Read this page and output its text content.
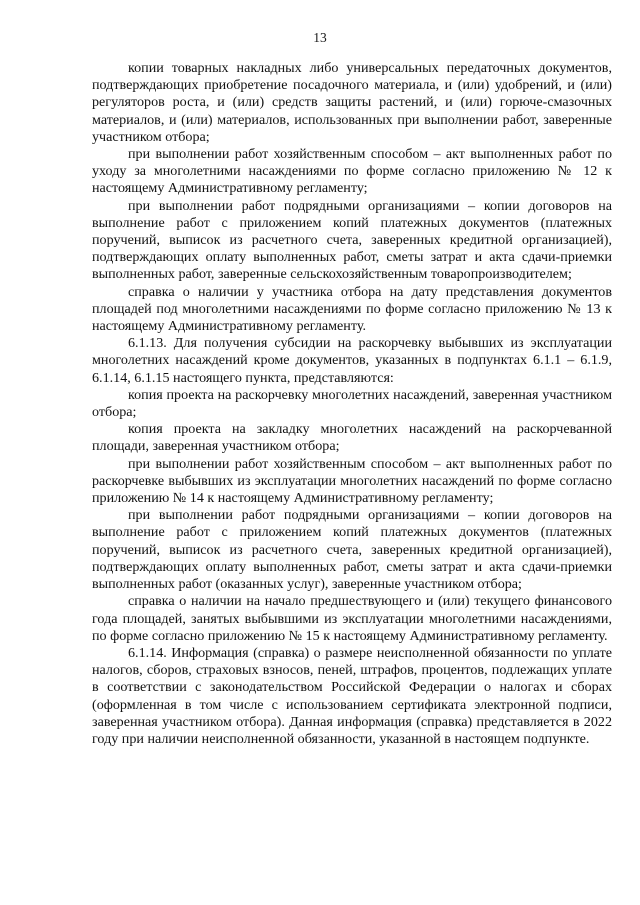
13

копии товарных накладных либо универсальных передаточных документов, подтверждающих приобретение посадочного материала, и (или) удобрений, и (или) регуляторов роста, и (или) средств защиты растений, и (или) горюче-смазочных материалов, и (или) материалов, использованных при выполнении работ, заверенные участником отбора;

при выполнении работ хозяйственным способом – акт выполненных работ по уходу за многолетними насаждениями по форме согласно приложению № 12 к настоящему Административному регламенту;

при выполнении работ подрядными организациями – копии договоров на выполнение работ с приложением копий платежных документов (платежных поручений, выписок из расчетного счета, заверенных кредитной организацией), подтверждающих оплату выполненных работ, сметы затрат и акта сдачи-приемки выполненных работ, заверенные сельскохозяйственным товаропроизводителем;

справка о наличии у участника отбора на дату представления документов площадей под многолетними насаждениями по форме согласно приложению № 13 к настоящему Административному регламенту.

6.1.13. Для получения субсидии на раскорчевку выбывших из эксплуатации многолетних насаждений кроме документов, указанных в подпунктах 6.1.1 – 6.1.9, 6.1.14, 6.1.15 настоящего пункта, представляются:

копия проекта на раскорчевку многолетних насаждений, заверенная участником отбора;

копия проекта на закладку многолетних насаждений на раскорчеванной площади, заверенная участником отбора;

при выполнении работ хозяйственным способом – акт выполненных работ по раскорчевке выбывших из эксплуатации многолетних насаждений по форме согласно приложению № 14 к настоящему Административному регламенту;

при выполнении работ подрядными организациями – копии договоров на выполнение работ с приложением копий платежных документов (платежных поручений, выписок из расчетного счета, заверенных кредитной организацией), подтверждающих оплату выполненных работ, сметы затрат и акта сдачи-приемки выполненных работ (оказанных услуг), заверенные участником отбора;

справка о наличии на начало предшествующего и (или) текущего финансового года площадей, занятых выбывшими из эксплуатации многолетними насаждениями, по форме согласно приложению № 15 к настоящему Административному регламенту.

6.1.14. Информация (справка) о размере неисполненной обязанности по уплате налогов, сборов, страховых взносов, пеней, штрафов, процентов, подлежащих уплате в соответствии с законодательством Российской Федерации о налогах и сборах (оформленная в том числе с использованием сертификата электронной подписи, заверенная участником отбора). Данная информация (справка) представляется в 2022 году при наличии неисполненной обязанности, указанной в настоящем подпункте.
